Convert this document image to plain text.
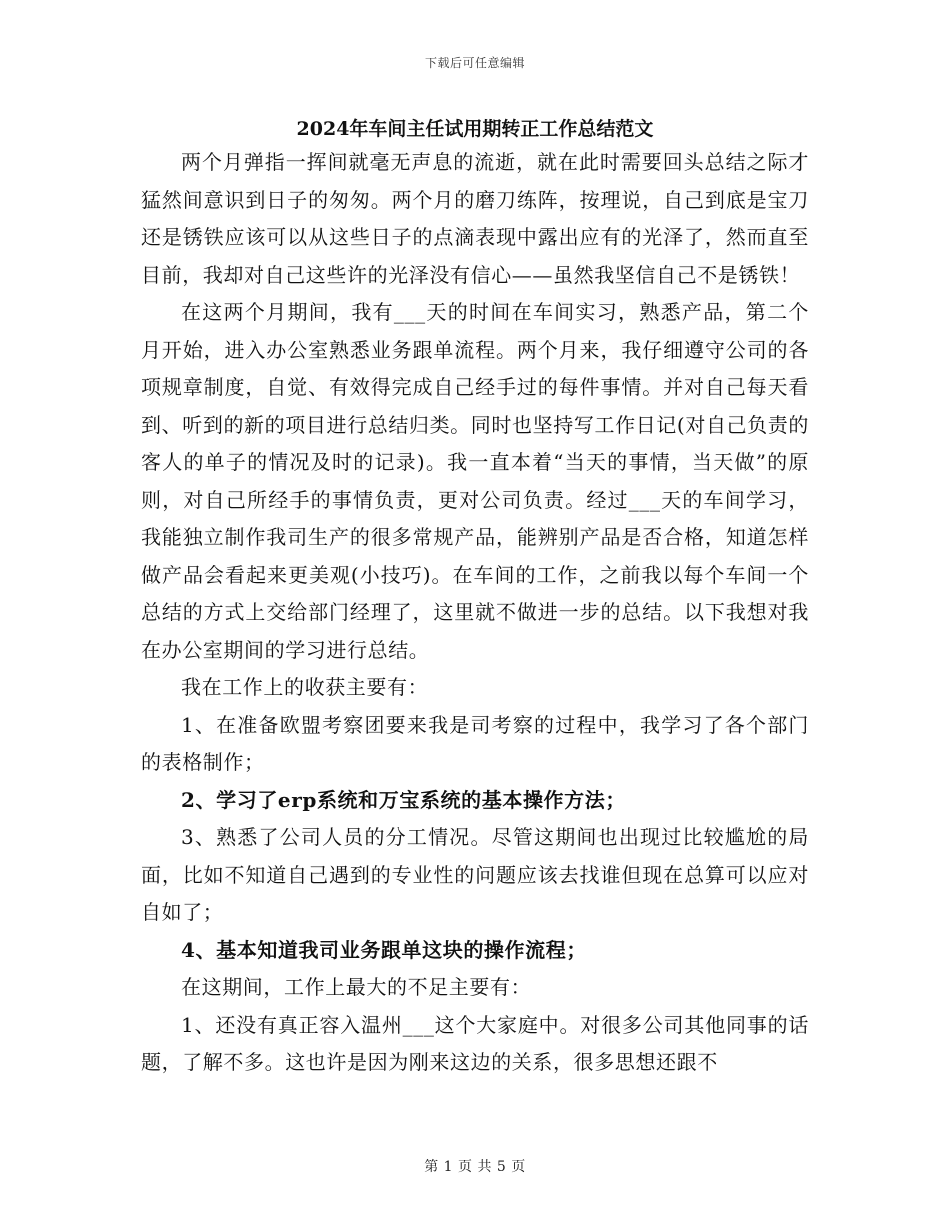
下载后可任意编辑
2024年车间主任试用期转正工作总结范文

两个月弹指一挥间就毫无声息的流逝，就在此时需要回头总结之际才猛然间意识到日子的匆匆。两个月的磨刀练阵，按理说，自己到底是宝刀还是锈铁应该可以从这些日子的点滴表现中露出应有的光泽了，然而直至目前，我却对自己这些许的光泽没有信心——虽然我坚信自己不是锈铁！

在这两个月期间，我有___天的时间在车间实习，熟悉产品，第二个月开始，进入办公室熟悉业务跟单流程。两个月来，我仔细遵守公司的各项规章制度，自觉、有效得完成自己经手过的每件事情。并对自己每天看到、听到的新的项目进行总结归类。同时也坚持写工作日记(对自己负责的客人的单子的情况及时的记录)。我一直本着“当天的事情，当天做”的原则，对自己所经手的事情负责，更对公司负责。经过___天的车间学习，我能独立制作我司生产的很多常规产品，能辨别产品是否合格，知道怎样做产品会看起来更美观(小技巧)。在车间的工作，之前我以每个车间一个总结的方式上交给部门经理了，这里就不做进一步的总结。以下我想对我在办公室期间的学习进行总结。

我在工作上的收获主要有：

1、在准备欧盟考察团要来我是司考察的过程中，我学习了各个部门的表格制作；

2、学习了erp系统和万宝系统的基本操作方法；

3、熟悉了公司人员的分工情况。尽管这期间也出现过比较尴尬的局面，比如不知道自己遇到的专业性的问题应该去找谁但现在总算可以应对自如了；

4、基本知道我司业务跟单这块的操作流程；

在这期间，工作上最大的不足主要有：

1、还没有真正容入温州___这个大家庭中。对很多公司其他同事的话题，了解不多。这也许是因为刚来这边的关系，很多思想还跟不

第 1 页 共 5 页
